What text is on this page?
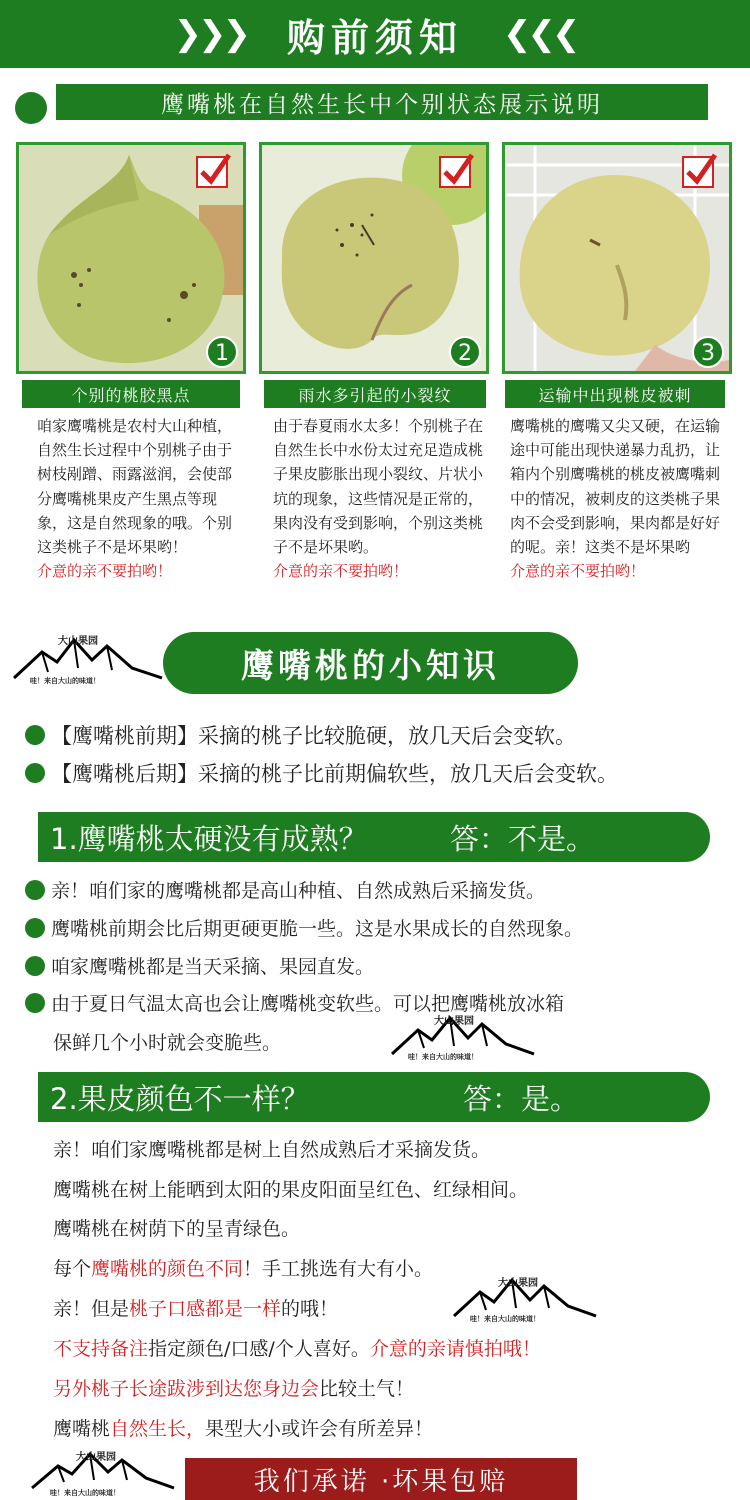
❯❯❯ 购前须知 ❮❮❮
鹰嘴桃在自然生长中个别状态展示说明
1	2	3
个别的桃胶黑点	雨水多引起的小裂纹	运输中出现桃皮被刺
咱家鹰嘴桃是农村大山种植，自然生长过程中个别桃子由于树枝剐蹭、雨露滋润，会使部分鹰嘴桃果皮产生黑点等现象，这是自然现象的哦。个别这类桃子不是坏果哟！
介意的亲不要拍哟！
由于春夏雨水太多！个别桃子在自然生长中水份太过充足造成桃子果皮膨胀出现小裂纹、片状小坑的现象，这些情况是正常的，果肉没有受到影响，个别这类桃子不是坏果哟。
介意的亲不要拍哟！
鹰嘴桃的鹰嘴又尖又硬，在运输途中可能出现快递暴力乱扔，让箱内个别鹰嘴桃的桃皮被鹰嘴刺中的情况，被刺皮的这类桃子果肉不会受到影响，果肉都是好好的呢。亲！这类不是坏果哟
介意的亲不要拍哟！
大山果园
哇！来自大山的味道！	鹰嘴桃的小知识
【鹰嘴桃前期】采摘的桃子比较脆硬，放几天后会变软。
【鹰嘴桃后期】采摘的桃子比前期偏软些，放几天后会变软。
1.鹰嘴桃太硬没有成熟？	答：不是。
亲！咱们家的鹰嘴桃都是高山种植、自然成熟后采摘发货。
鹰嘴桃前期会比后期更硬更脆一些。这是水果成长的自然现象。
咱家鹰嘴桃都是当天采摘、果园直发。
由于夏日气温太高也会让鹰嘴桃变软些。可以把鹰嘴桃放冰箱
保鲜几个小时就会变脆些。
大山果园
哇！来自大山的味道！
2.果皮颜色不一样？	答：是。
亲！咱们家鹰嘴桃都是树上自然成熟后才采摘发货。
鹰嘴桃在树上能晒到太阳的果皮阳面呈红色、红绿相间。
鹰嘴桃在树荫下的呈青绿色。
每个鹰嘴桃的颜色不同！手工挑选有大有小。
亲！但是桃子口感都是一样的哦！
不支持备注指定颜色/口感/个人喜好。介意的亲请慎拍哦！
另外桃子长途跋涉到达您身边会比较土气！
鹰嘴桃自然生长，果型大小或许会有所差异！
大山果园
哇！来自大山的味道！
大山果园
哇！来自大山的味道！	我们承诺 ·坏果包赔
